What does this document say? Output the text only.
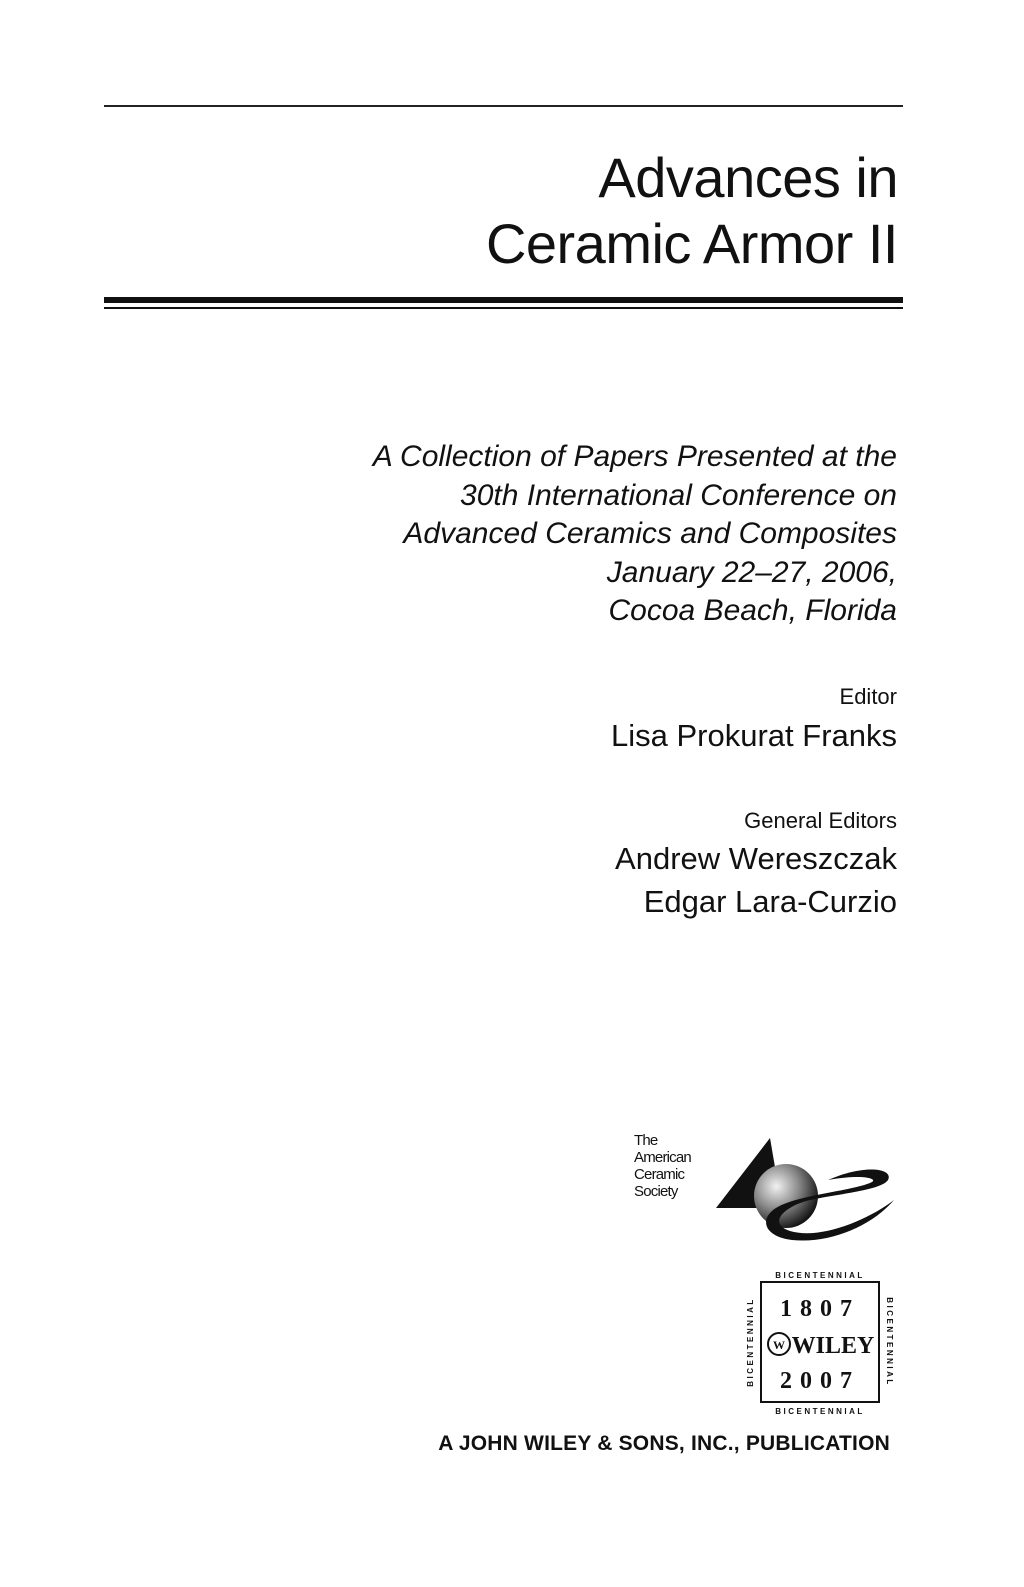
Advances in
Ceramic Armor II
A Collection of Papers Presented at the
30th International Conference on
Advanced Ceramics and Composites
January 22–27, 2006,
Cocoa Beach, Florida
Editor
Lisa Prokurat Franks
General Editors
Andrew Wereszczak
Edgar Lara-Curzio
The
American
Ceramic
Society
BICENTENNIAL
BICENTENNIAL
BICENTENNIAL	BICENTENNIAL
1807
W WILEY
2007
A JOHN WILEY & SONS, INC., PUBLICATION
